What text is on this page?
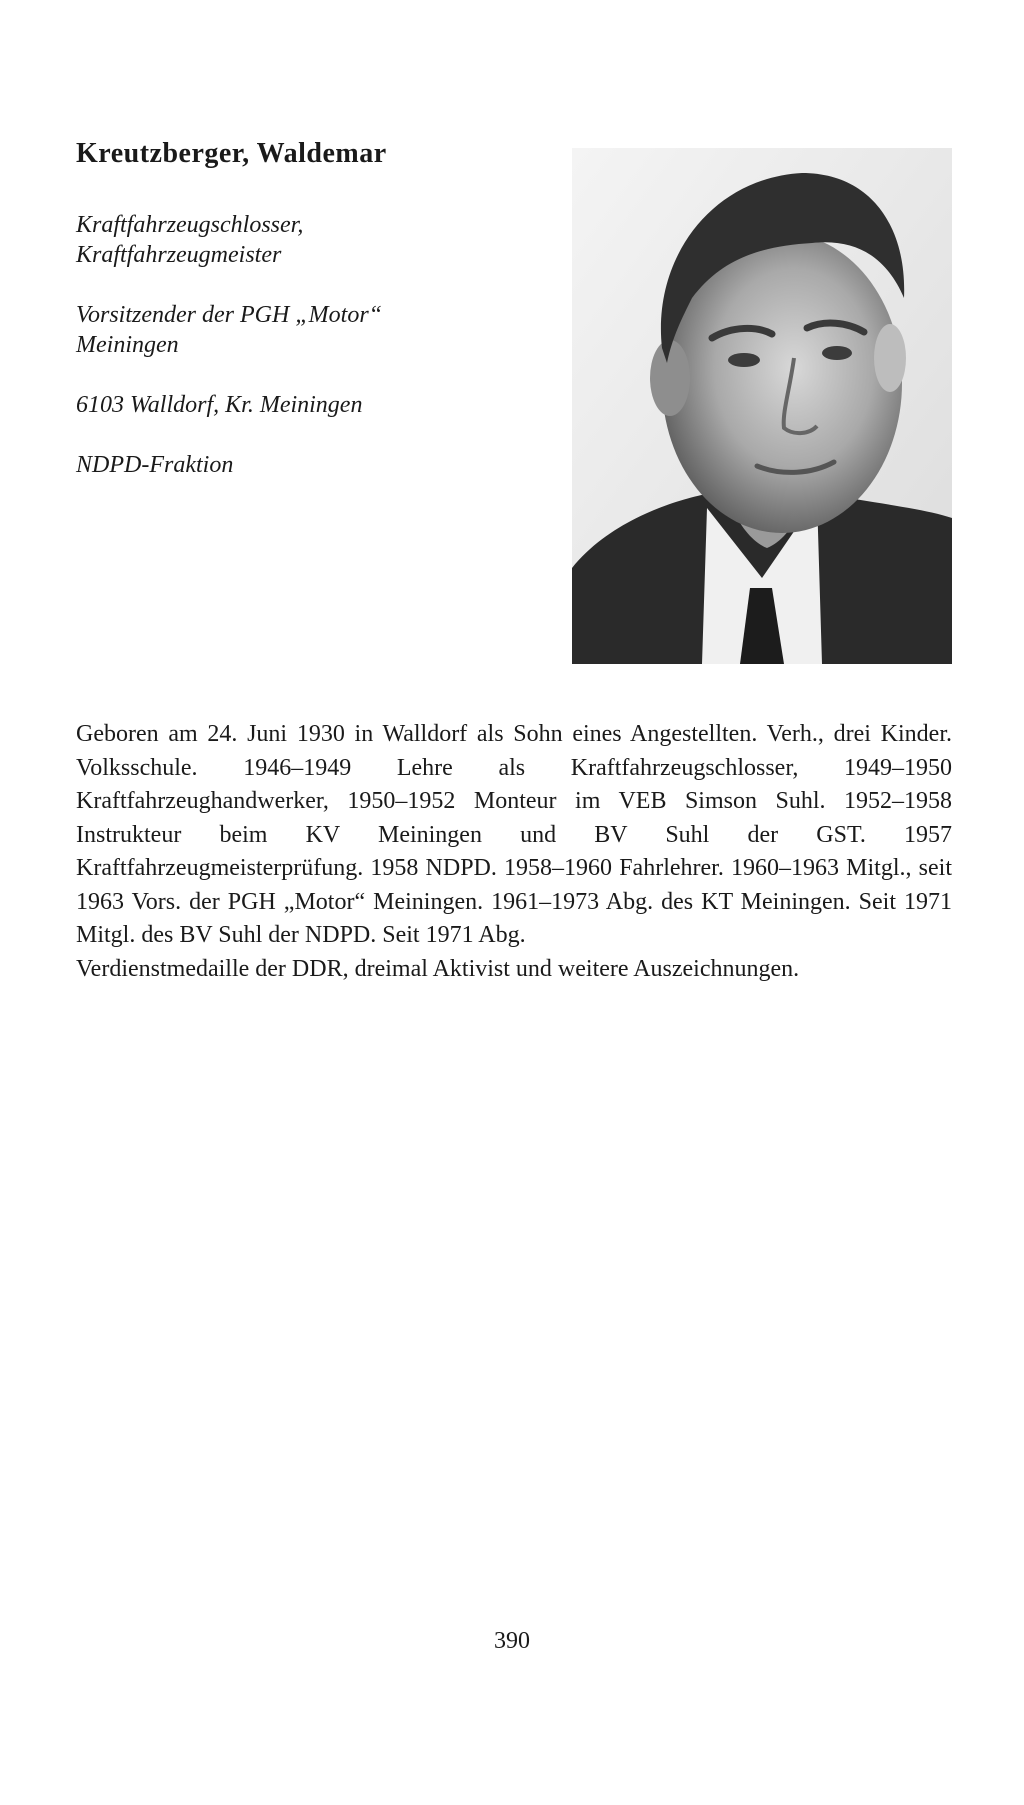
Kreutzberger, Waldemar
Kraftfahrzeugschlosser,
Kraftfahrzeugmeister
Vorsitzender der PGH „Motor“
Meiningen
6103 Walldorf, Kr. Meiningen
NDPD-Fraktion

Geboren am 24. Juni 1930 in Walldorf als Sohn eines Angestellten. Verh., drei Kinder. Volksschule. 1946–1949 Lehre als Kraftfahrzeugschlosser, 1949–1950 Kraftfahrzeughandwerker, 1950–1952 Monteur im VEB Simson Suhl. 1952–1958 Instrukteur beim KV Meiningen und BV Suhl der GST. 1957 Kraftfahrzeugmeisterprüfung. 1958 NDPD. 1958–1960 Fahrlehrer. 1960–1963 Mitgl., seit 1963 Vors. der PGH „Motor“ Meiningen. 1961–1973 Abg. des KT Meiningen. Seit 1971 Mitgl. des BV Suhl der NDPD. Seit 1971 Abg.

Verdienstmedaille der DDR, dreimal Aktivist und weitere Auszeichnungen.

390
